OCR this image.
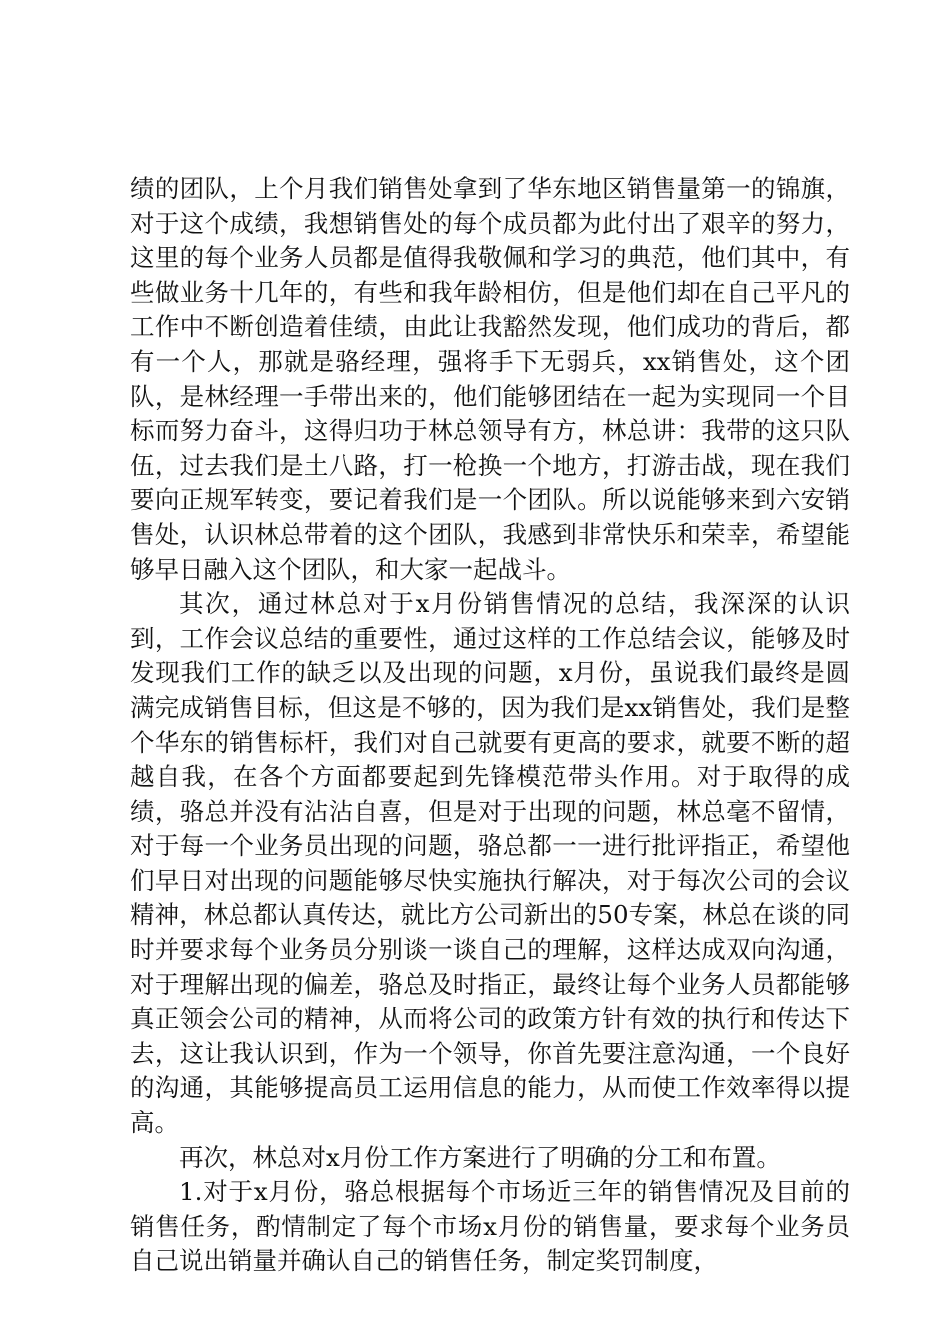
绩的团队，上个月我们销售处拿到了华东地区销售量第一的锦旗，对于这个成绩，我想销售处的每个成员都为此付出了艰辛的努力，这里的每个业务人员都是值得我敬佩和学习的典范，他们其中，有些做业务十几年的，有些和我年龄相仿，但是他们却在自己平凡的工作中不断创造着佳绩，由此让我豁然发现，他们成功的背后，都有一个人，那就是骆经理，强将手下无弱兵，xx销售处，这个团队，是林经理一手带出来的，他们能够团结在一起为实现同一个目标而努力奋斗，这得归功于林总领导有方，林总讲：我带的这只队伍，过去我们是土八路，打一枪换一个地方，打游击战，现在我们要向正规军转变，要记着我们是一个团队。所以说能够来到六安销售处，认识林总带着的这个团队，我感到非常快乐和荣幸，希望能够早日融入这个团队，和大家一起战斗。

其次，通过林总对于x月份销售情况的总结，我深深的认识到，工作会议总结的重要性，通过这样的工作总结会议，能够及时发现我们工作的缺乏以及出现的问题，x月份，虽说我们最终是圆满完成销售目标，但这是不够的，因为我们是xx销售处，我们是整个华东的销售标杆，我们对自己就要有更高的要求，就要不断的超越自我，在各个方面都要起到先锋模范带头作用。对于取得的成绩，骆总并没有沾沾自喜，但是对于出现的问题，林总毫不留情，对于每一个业务员出现的问题，骆总都一一进行批评指正，希望他们早日对出现的问题能够尽快实施执行解决，对于每次公司的会议精神，林总都认真传达，就比方公司新出的50专案，林总在谈的同时并要求每个业务员分别谈一谈自己的理解，这样达成双向沟通，对于理解出现的偏差，骆总及时指正，最终让每个业务人员都能够真正领会公司的精神，从而将公司的政策方针有效的执行和传达下去，这让我认识到，作为一个领导，你首先要注意沟通，一个良好的沟通，其能够提高员工运用信息的能力，从而使工作效率得以提高。

再次，林总对x月份工作方案进行了明确的分工和布置。

1.对于x月份，骆总根据每个市场近三年的销售情况及目前的销售任务，酌情制定了每个市场x月份的销售量，要求每个业务员自己说出销量并确认自己的销售任务，制定奖罚制度，
